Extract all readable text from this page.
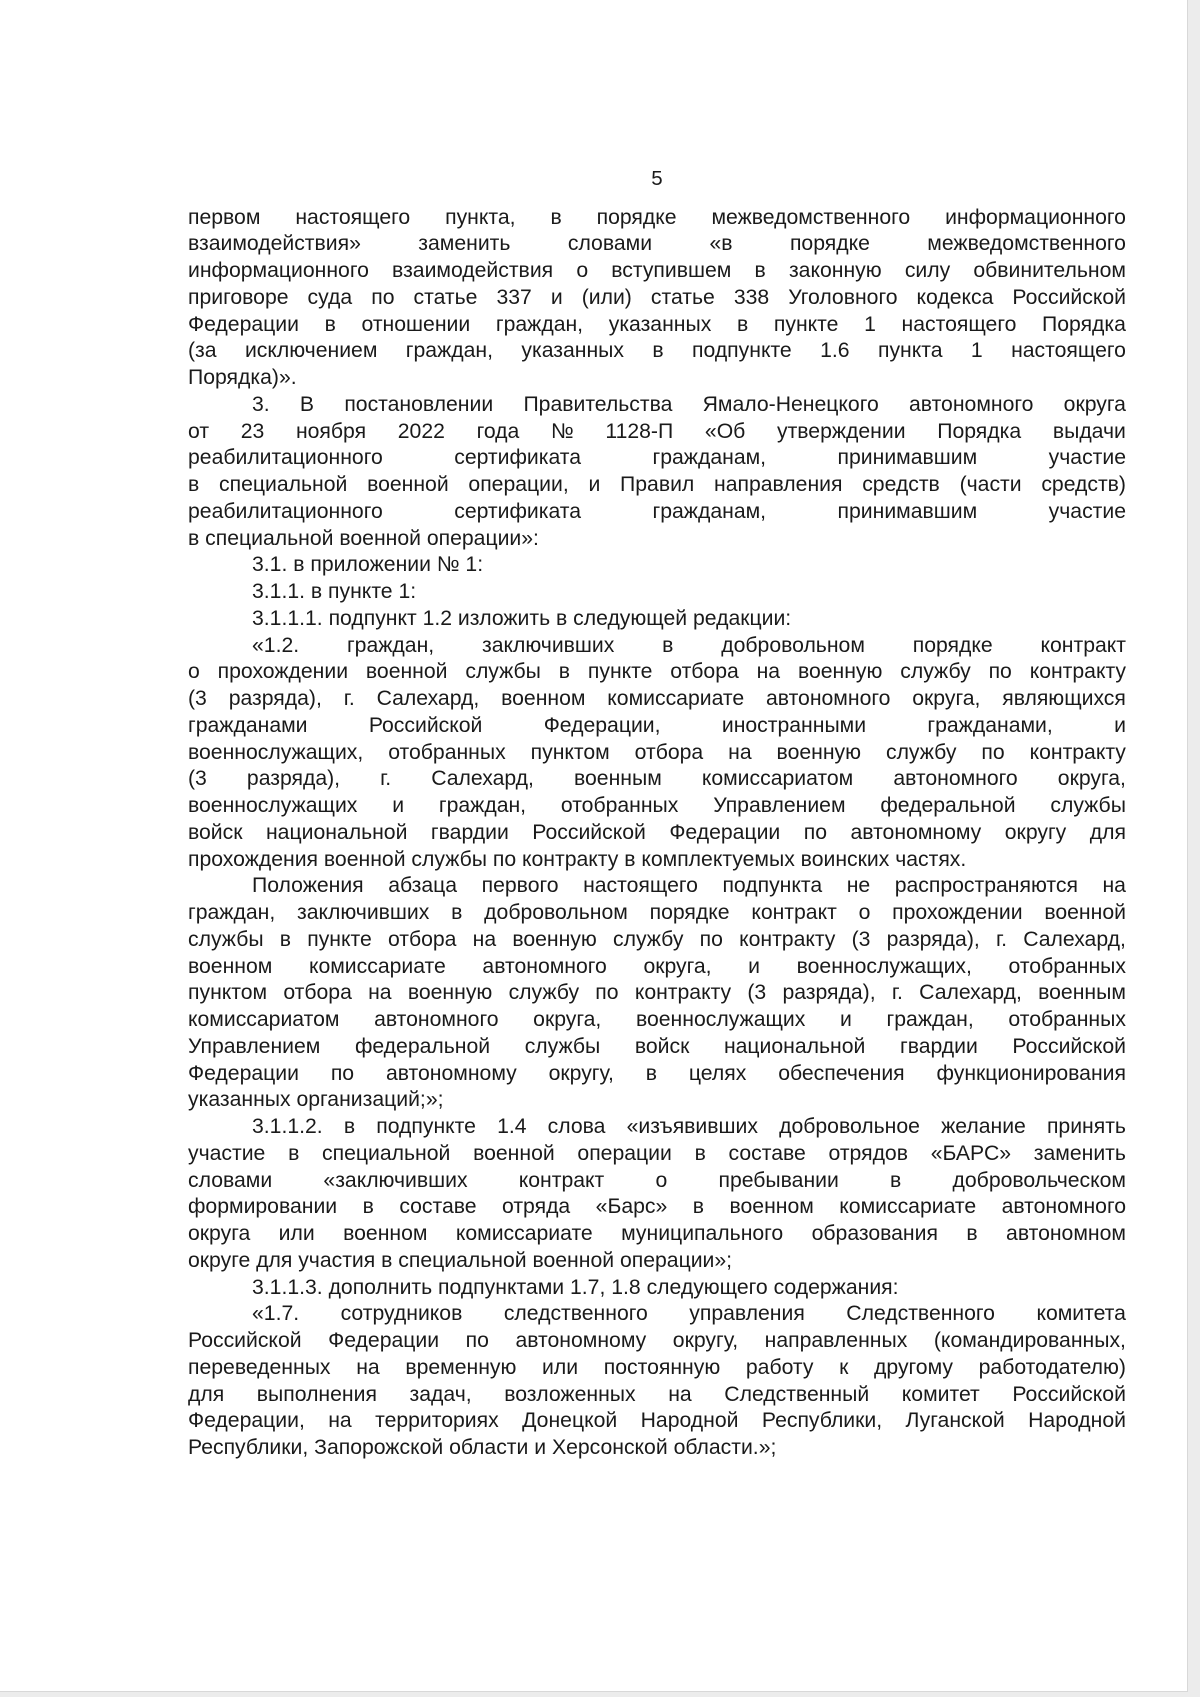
5

первом настоящего пункта, в порядке межведомственного информационного

взаимодействия»	заменить	словами	«в	порядке	межведомственного

информационного взаимодействия о вступившем в законную силу обвинительном

приговоре суда по статье 337 и (или) статье 338 Уголовного кодекса Российской

Федерации в отношении граждан, указанных в пункте 1 настоящего Порядка

(за исключением граждан, указанных в подпункте 1.6 пункта 1 настоящего

Порядка)».

3. В постановлении Правительства Ямало-Ненецкого автономного округа

от 23 ноября 2022 года № 1128-П «Об утверждении Порядка выдачи

реабилитационного	сертификата	гражданам,	принимавшим	участие

в специальной военной операции, и Правил направления средств (части средств)

реабилитационного	сертификата	гражданам,	принимавшим	участие

в специальной военной операции»:

3.1. в приложении № 1:

3.1.1. в пункте 1:

3.1.1.1. подпункт 1.2 изложить в следующей редакции:

«1.2. граждан, заключивших в добровольном порядке контракт

о прохождении военной службы в пункте отбора на военную службу по контракту

(3 разряда), г. Салехард, военном комиссариате автономного округа, являющихся

гражданами	Российской	Федерации,	иностранными	гражданами,	и

военнослужащих, отобранных пунктом отбора на военную службу по контракту

(3 разряда), г. Салехард, военным комиссариатом автономного округа,

военнослужащих и граждан, отобранных Управлением федеральной службы

войск национальной гвардии Российской Федерации по автономному округу для

прохождения военной службы по контракту в комплектуемых воинских частях.

Положения абзаца первого настоящего подпункта не распространяются на

граждан, заключивших в добровольном порядке контракт о прохождении военной

службы в пункте отбора на военную службу по контракту (3 разряда), г. Салехард,

военном комиссариате автономного округа, и военнослужащих, отобранных

пунктом отбора на военную службу по контракту (3 разряда), г. Салехард, военным

комиссариатом автономного округа, военнослужащих и граждан, отобранных

Управлением федеральной службы войск национальной гвардии Российской

Федерации по автономному округу, в целях обеспечения функционирования

указанных организаций;»;

3.1.1.2. в подпункте 1.4 слова «изъявивших добровольное желание принять

участие в специальной военной операции в составе отрядов «БАРС» заменить

словами «заключивших контракт о пребывании в добровольческом

формировании в составе отряда «Барс» в военном комиссариате автономного

округа или военном комиссариате муниципального образования в автономном

округе для участия в специальной военной операции»;

3.1.1.3. дополнить подпунктами 1.7, 1.8 следующего содержания:

«1.7. сотрудников следственного управления Следственного комитета

Российской Федерации по автономному округу, направленных (командированных,

переведенных на временную или постоянную работу к другому работодателю)

для выполнения задач, возложенных на Следственный комитет Российской

Федерации, на территориях Донецкой Народной Республики, Луганской Народной

Республики, Запорожской области и Херсонской области.»;
